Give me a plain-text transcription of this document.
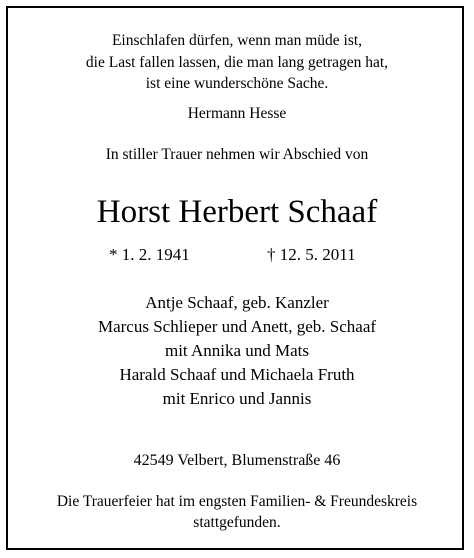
Einschlafen dürfen, wenn man müde ist,
die Last fallen lassen, die man lang getragen hat,
ist eine wunderschöne Sache.
Hermann Hesse
In stiller Trauer nehmen wir Abschied von
Horst Herbert Schaaf
* 1. 2. 1941	† 12. 5. 2011
Antje Schaaf, geb. Kanzler
Marcus Schlieper und Anett, geb. Schaaf
mit Annika und Mats
Harald Schaaf und Michaela Fruth
mit Enrico und Jannis
42549 Velbert, Blumenstraße 46
Die Trauerfeier hat im engsten Familien- & Freundeskreis
stattgefunden.
